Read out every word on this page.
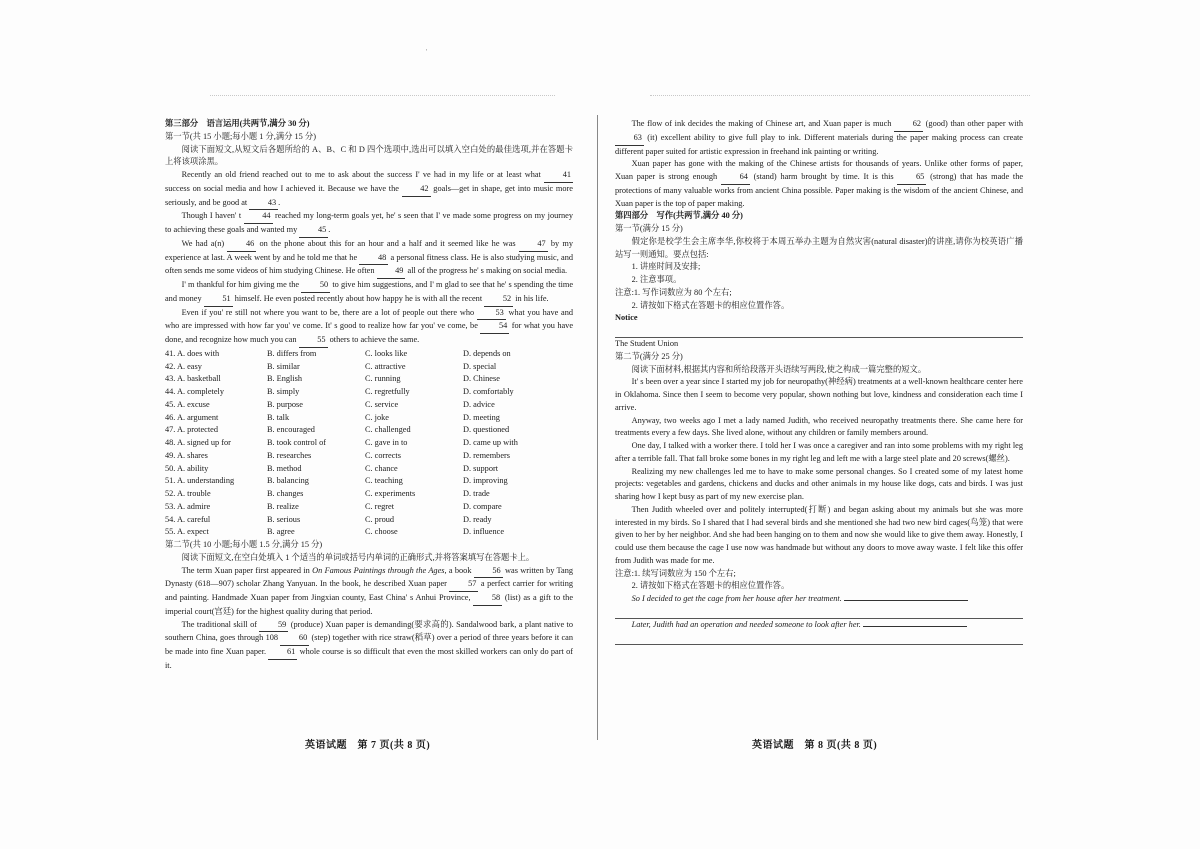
ˈ

第三部分　语言运用(共两节,满分 30 分)

第一节(共 15 小题;每小题 1 分,满分 15 分)

阅读下面短文,从短文后各题所给的 A、B、C 和 D 四个选项中,选出可以填入空白处的最佳选项,并在答题卡上将该项涂黑。

Recently an old friend reached out to me to ask about the success I' ve had in my life or at least what	41 success on social media and how I achieved it. Because we have the	42 goals—get in shape, get into music more seriously, and be good at 43 .

Though I haven' t	44 reached my long-term goals yet, he' s seen that I' ve made some progress on my journey to achieving these goals and wanted my 45 .

We had a(n)	46 on the phone about this for an hour and a half and it seemed like he was	47 by my experience at last. A week went by and he told me that he	48 a personal fitness class. He is also studying music, and often sends me some videos of him studying Chinese. He often 49 all of the progress he' s making on social media.

I' m thankful for him giving me the	50 to give him suggestions, and I' m glad to see that he' s spending the time and money 51 himself. He even posted recently about how happy he is with all the recent 52 in his life.

Even if you' re still not where you want to be, there are a lot of people out there who	53 what you have and who are impressed with how far you' ve come. It' s good to realize how far you' ve come, be	54 for what you have done, and recognize how much you can 55 others to achieve the same.

41. A. does with	B. differs from	C. looks like	D. depends on
42. A. easy	B. similar	C. attractive	D. special
43. A. basketball	B. English	C. running	D. Chinese
44. A. completely	B. simply	C. regretfully	D. comfortably
45. A. excuse	B. purpose	C. service	D. advice
46. A. argument	B. talk	C. joke	D. meeting
47. A. protected	B. encouraged	C. challenged	D. questioned
48. A. signed up for	B. took control of	C. gave in to	D. came up with
49. A. shares	B. researches	C. corrects	D. remembers
50. A. ability	B. method	C. chance	D. support
51. A. understanding	B. balancing	C. teaching	D. improving
52. A. trouble	B. changes	C. experiments	D. trade
53. A. admire	B. realize	C. regret	D. compare
54. A. careful	B. serious	C. proud	D. ready
55. A. expect	B. agree	C. choose	D. influence

第二节(共 10 小题;每小题 1.5 分,满分 15 分)

阅读下面短文,在空白处填入 1 个适当的单词或括号内单词的正确形式,并将答案填写在答题卡上。

The term Xuan paper first appeared in On Famous Paintings through the Ages, a book	56 was written by Tang Dynasty (618—907) scholar Zhang Yanyuan. In the book, he described Xuan paper	57 a perfect carrier for writing and painting. Handmade Xuan paper from Jingxian county, East China' s Anhui Province,	58 (list) as a gift to the imperial court(宫廷) for the highest quality during that period.

The traditional skill of	59 (produce) Xuan paper is demanding(要求高的). Sandalwood bark, a plant native to southern China, goes through 108	60 (step) together with rice straw(稻草) over a period of three years before it can be made into fine Xuan paper.	61 whole course is so difficult that even the most skilled workers can only do part of it.

The flow of ink decides the making of Chinese art, and Xuan paper is much	62 (good) than other paper with 63 (it) excellent ability to give full play to ink. Different materials during the paper making process can create different paper suited for artistic expression in freehand ink painting or writing.

Xuan paper has gone with the making of the Chinese artists for thousands of years. Unlike other forms of paper, Xuan paper is strong enough	64 (stand) harm brought by time. It is this	65 (strong) that has made the protections of many valuable works from ancient China possible. Paper making is the wisdom of the ancient Chinese, and Xuan paper is the top of paper making.

第四部分　写作(共两节,满分 40 分)

第一节(满分 15 分)

假定你是校学生会主席李华,你校将于本周五举办主题为自然灾害(natural disaster)的讲座,请你为校英语广播站写一则通知。要点包括:

1. 讲座时间及安排;

2. 注意事项。

注意:1. 写作词数应为 80 个左右;

2. 请按如下格式在答题卡的相应位置作答。

Notice

The Student Union

第二节(满分 25 分)

阅读下面材料,根据其内容和所给段落开头语续写两段,使之构成一篇完整的短文。

It' s been over a year since I started my job for neuropathy(神经病) treatments at a well-known healthcare center here in Oklahoma. Since then I seem to become very popular, shown nothing but love, kindness and consideration each time I arrive.

Anyway, two weeks ago I met a lady named Judith, who received neuropathy treatments there. She came here for treatments every a few days. She lived alone, without any children or family members around.

One day, I talked with a worker there. I told her I was once a caregiver and ran into some problems with my right leg after a terrible fall. That fall broke some bones in my right leg and left me with a large steel plate and 20 screws(螺丝).

Realizing my new challenges led me to have to make some personal changes. So I created some of my latest home projects: vegetables and gardens, chickens and ducks and other animals in my house like dogs, cats and birds. I was just sharing how I kept busy as part of my new exercise plan.

Then Judith wheeled over and politely interrupted(打断) and began asking about my animals but she was more interested in my birds. So I shared that I had several birds and she mentioned she had two new bird cages(鸟笼) that were given to her by her neighbor. And she had been hanging on to them and now she would like to give them away. Honestly, I could use them because the cage I use now was handmade but without any doors to move away waste. I felt like this offer from Judith was made for me.

注意:1. 续写词数应为 150 个左右;

2. 请按如下格式在答题卡的相应位置作答。

So I decided to get the cage from her house after her treatment.

Later, Judith had an operation and needed someone to look after her.

英语试题　第 7 页(共 8 页)	英语试题　第 8 页(共 8 页)
